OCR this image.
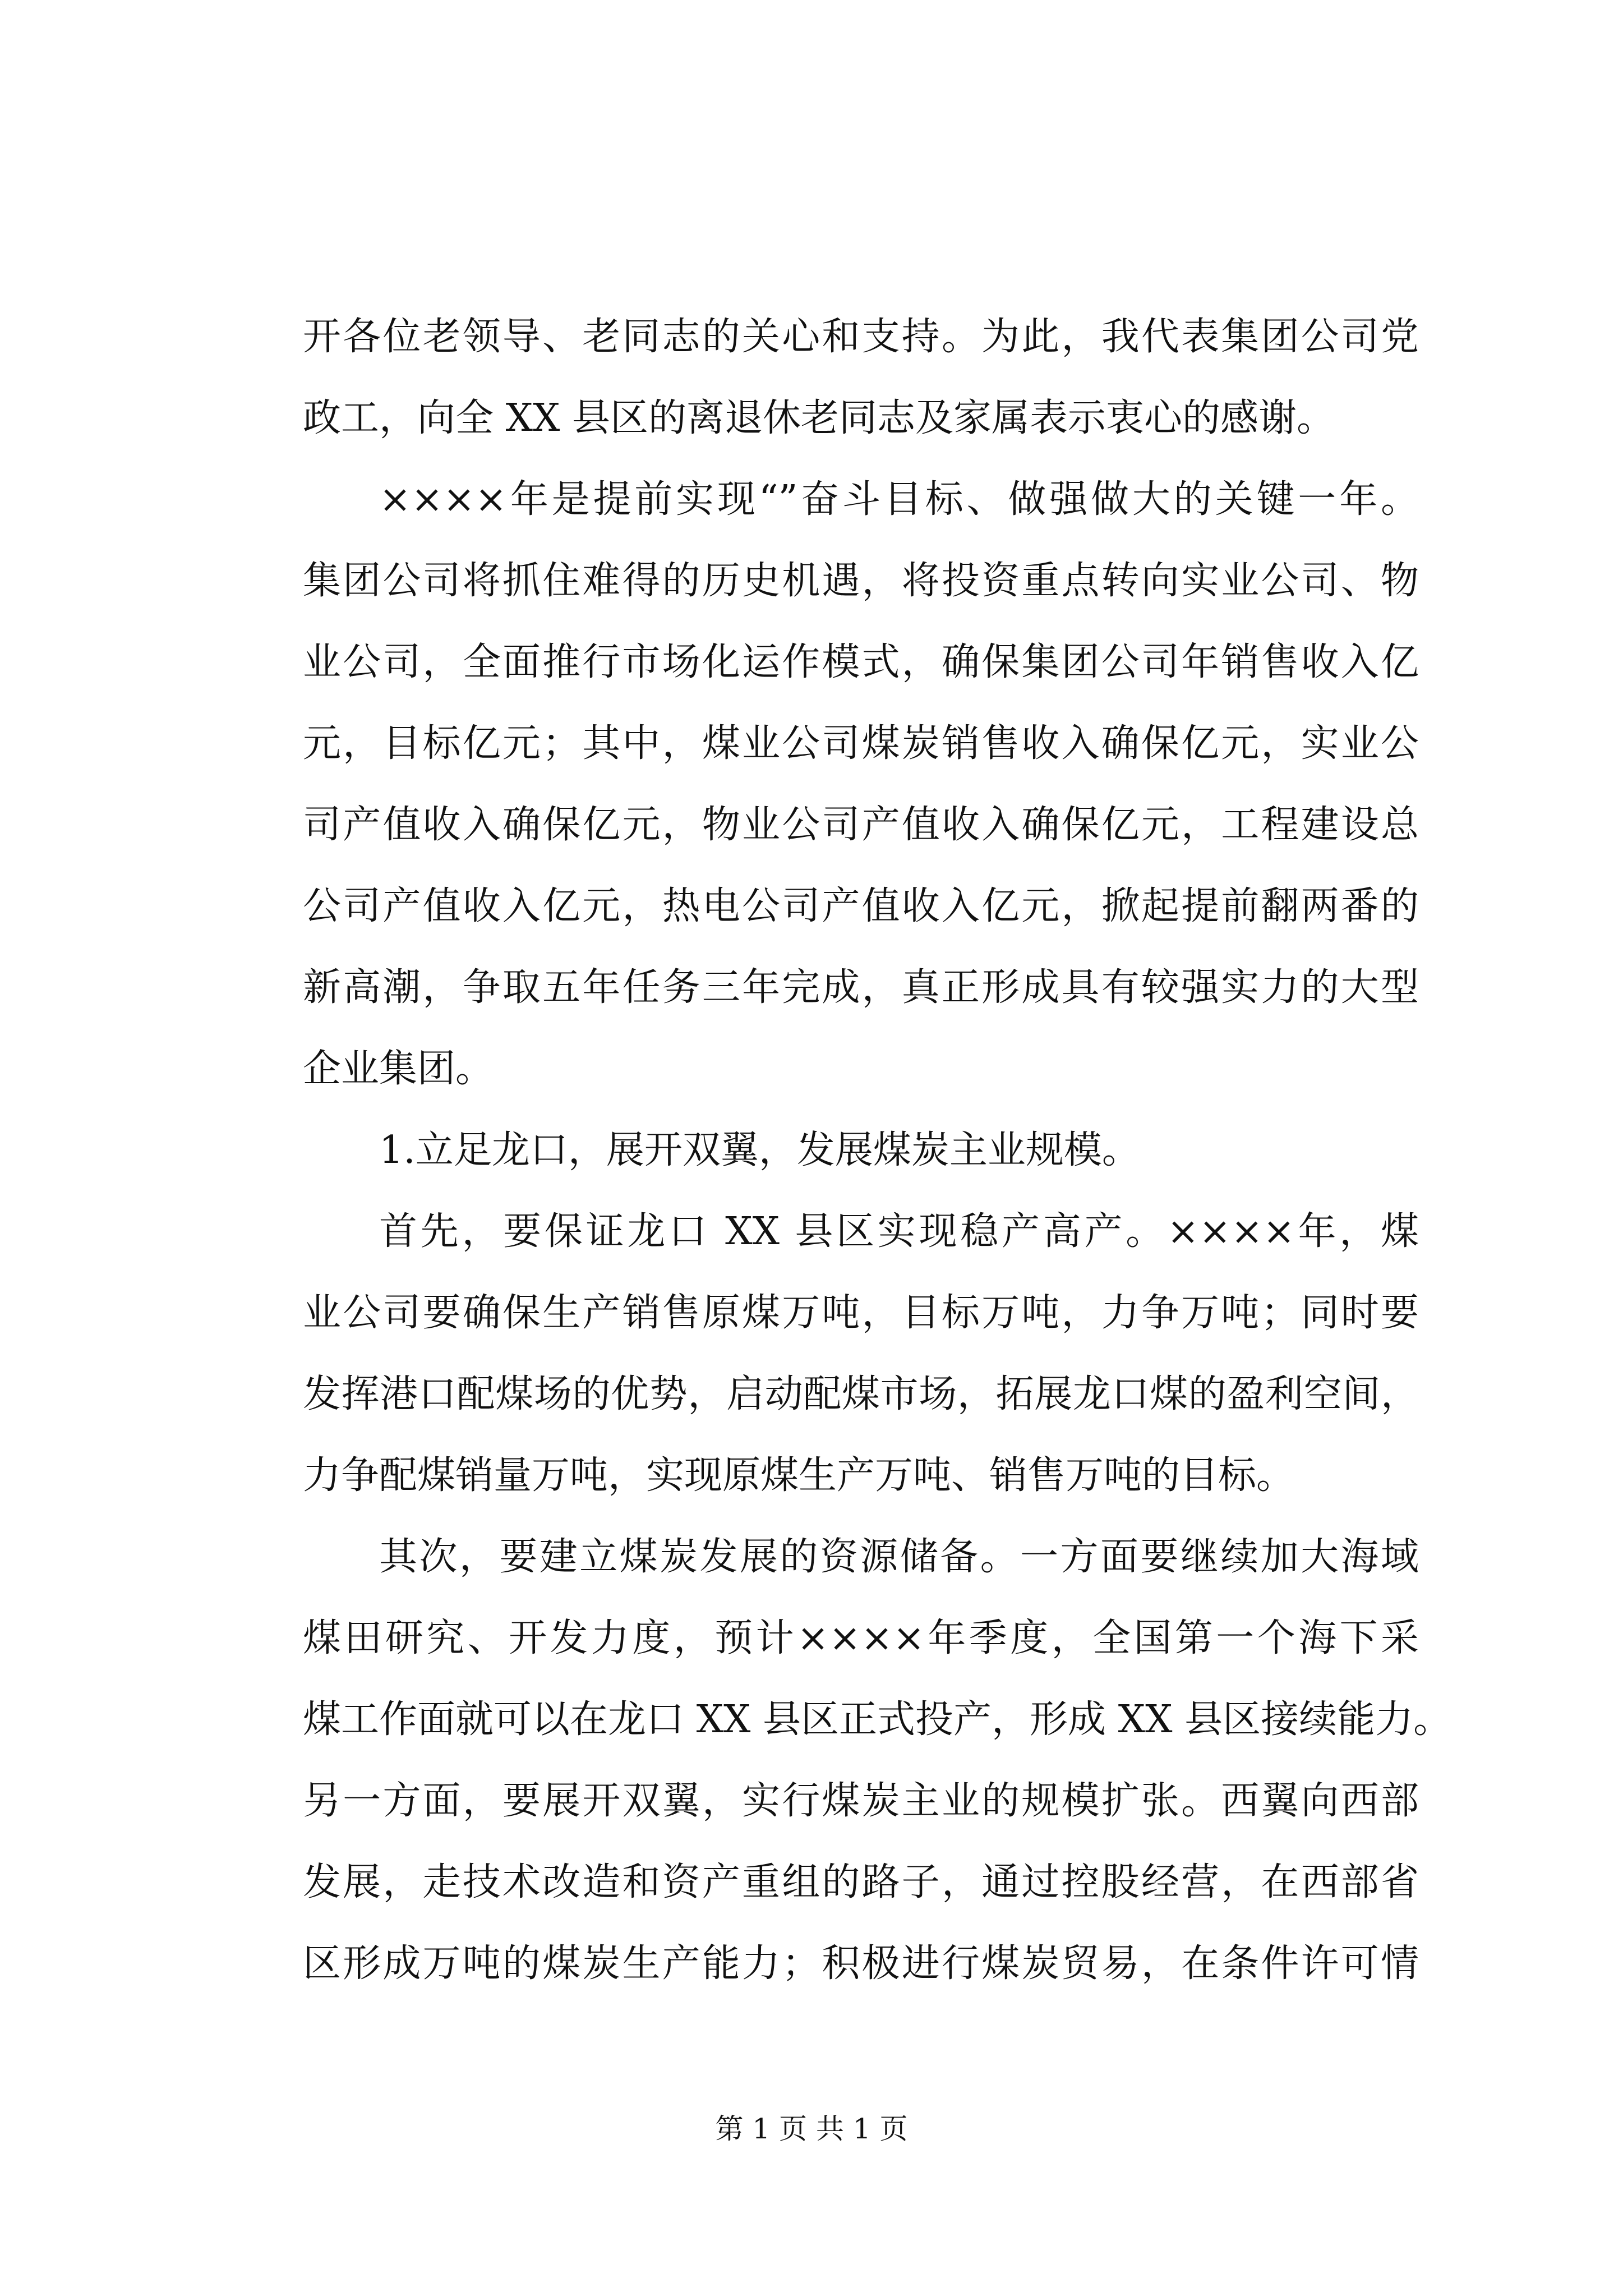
开各位老领导、老同志的关心和支持。为此，我代表集团公司党
政工，向全 XX 县区的离退休老同志及家属表示衷心的感谢。
××××年是提前实现“”奋斗目标、做强做大的关键一年。
集团公司将抓住难得的历史机遇，将投资重点转向实业公司、物
业公司，全面推行市场化运作模式，确保集团公司年销售收入亿
元，目标亿元；其中，煤业公司煤炭销售收入确保亿元，实业公
司产值收入确保亿元，物业公司产值收入确保亿元，工程建设总
公司产值收入亿元，热电公司产值收入亿元，掀起提前翻两番的
新高潮，争取五年任务三年完成，真正形成具有较强实力的大型
企业集团。
1.立足龙口，展开双翼，发展煤炭主业规模。
首先，要保证龙口 XX 县区实现稳产高产。××××年，煤
业公司要确保生产销售原煤万吨，目标万吨，力争万吨；同时要
发挥港口配煤场的优势，启动配煤市场，拓展龙口煤的盈利空间，
力争配煤销量万吨，实现原煤生产万吨、销售万吨的目标。
其次，要建立煤炭发展的资源储备。一方面要继续加大海域
煤田研究、开发力度，预计××××年季度，全国第一个海下采
煤工作面就可以在龙口 XX 县区正式投产，形成 XX 县区接续能力。
另一方面，要展开双翼，实行煤炭主业的规模扩张。西翼向西部
发展，走技术改造和资产重组的路子，通过控股经营，在西部省
区形成万吨的煤炭生产能力；积极进行煤炭贸易，在条件许可情
第 1 页 共 1 页
